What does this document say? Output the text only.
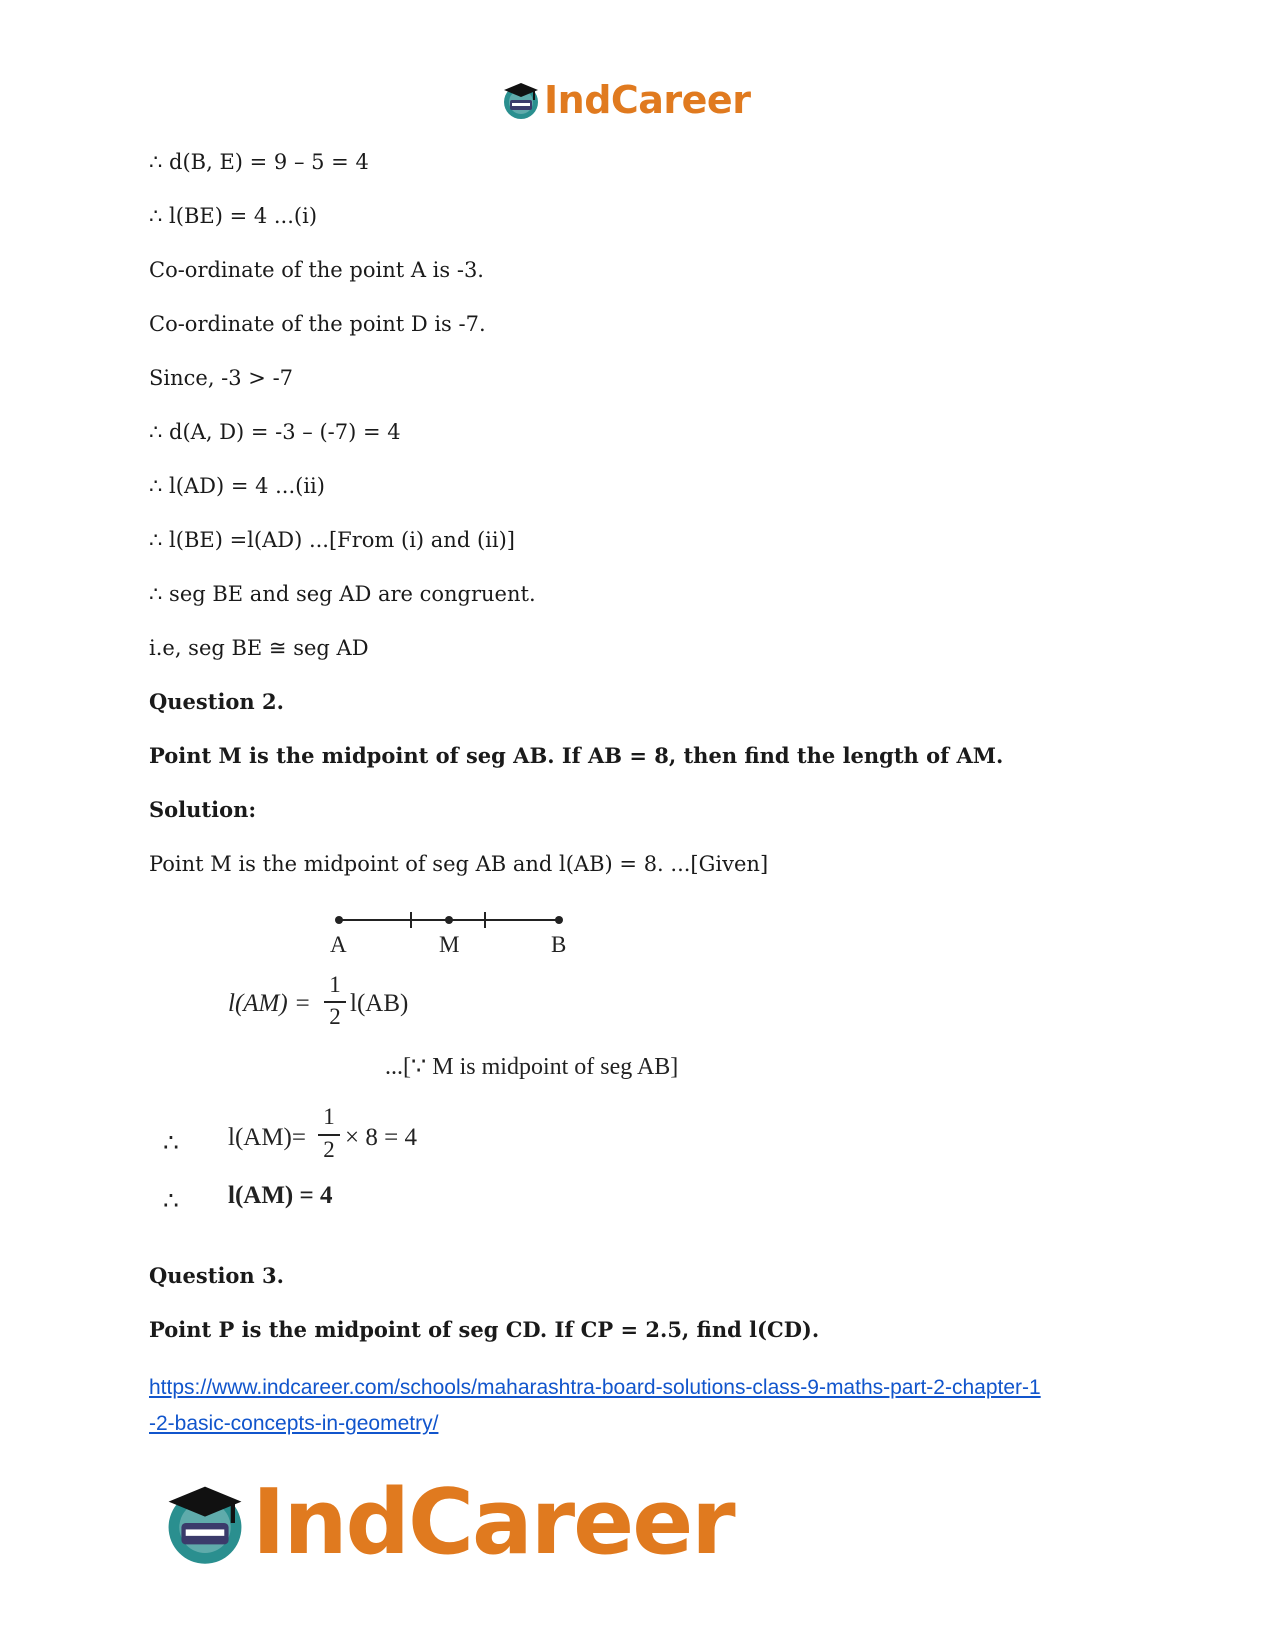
IndCareer
∴ d(B, E) = 9 – 5 = 4
∴ l(BE) = 4 ...(i)
Co-ordinate of the point A is -3.
Co-ordinate of the point D is -7.
Since, -3 > -7
∴ d(A, D) = -3 – (-7) = 4
∴ l(AD) = 4 ...(ii)
∴ l(BE) =l(AD) ...[From (i) and (ii)]
∴ seg BE and seg AD are congruent.
i.e, seg BE ≅ seg AD
Question 2.
Point M is the midpoint of seg AB. If AB = 8, then find the length of AM.
Solution:
Point M is the midpoint of seg AB and l(AB) = 8. ...[Given]
A	M	B
l(AM) =
1
2 l(AB)
...[∵ M is midpoint of seg AB]
∴ l(AM)=
1
2 × 8 = 4
∴ l(AM) = 4
Question 3.
Point P is the midpoint of seg CD. If CP = 2.5, find l(CD).
https://www.indcareer.com/schools/maharashtra-board-solutions-class-9-maths-part-2-chapter-1
-2-basic-concepts-in-geometry/
IndCareer
